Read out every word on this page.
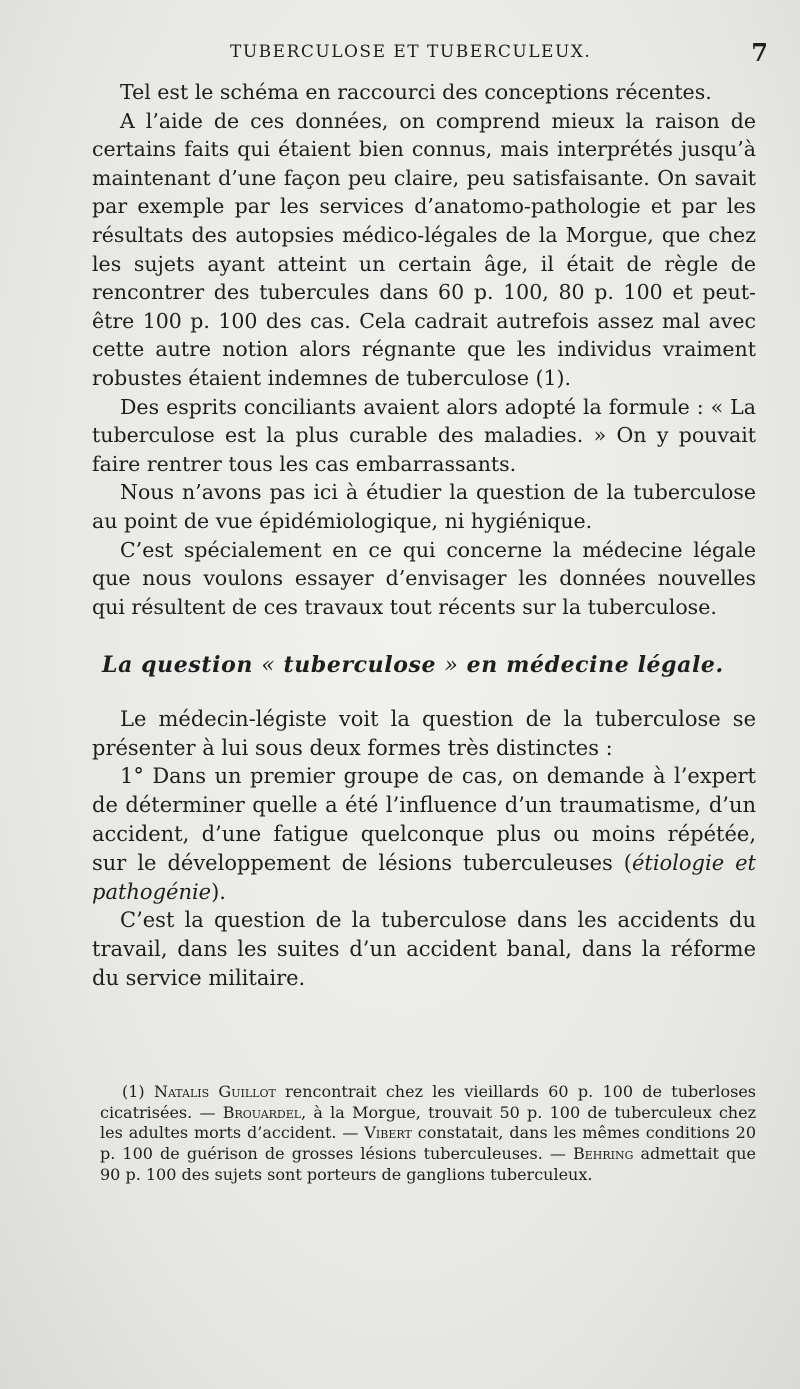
TUBERCULOSE ET TUBERCULEUX.	7

Tel est le schéma en raccourci des conceptions récentes.

A l’aide de ces données, on comprend mieux la raison de certains faits qui étaient bien connus, mais interprétés jusqu’à maintenant d’une façon peu claire, peu satisfaisante. On savait par exemple par les services d’anatomo-pathologie et par les résultats des autopsies médico-légales de la Morgue, que chez les sujets ayant atteint un certain âge, il était de règle de rencontrer des tubercules dans 60 p. 100, 80 p. 100 et peut-être 100 p. 100 des cas. Cela cadrait autrefois assez mal avec cette autre notion alors régnante que les individus vraiment robustes étaient indemnes de tuberculose (1).

Des esprits conciliants avaient alors adopté la formule : « La tuberculose est la plus curable des maladies. » On y pouvait faire rentrer tous les cas embarrassants.

Nous n’avons pas ici à étudier la question de la tuberculose au point de vue épidémiologique, ni hygiénique.

C’est spécialement en ce qui concerne la médecine légale que nous voulons essayer d’envisager les données nouvelles qui résultent de ces travaux tout récents sur la tuberculose.

La question « tuberculose » en médecine légale.

Le médecin-légiste voit la question de la tuberculose se présenter à lui sous deux formes très distinctes :

1° Dans un premier groupe de cas, on demande à l’expert de déterminer quelle a été l’influence d’un traumatisme, d’un accident, d’une fatigue quelconque plus ou moins répétée, sur le développement de lésions tuberculeuses (étiologie et pathogénie).

C’est la question de la tuberculose dans les accidents du travail, dans les suites d’un accident banal, dans la réforme du service militaire.

(1) Natalis Guillot rencontrait chez les vieillards 60 p. 100 de tuberloses cicatrisées. — Brouardel, à la Morgue, trouvait 50 p. 100 de tuberculeux chez les adultes morts d’accident. — Vibert constatait, dans les mêmes conditions 20 p. 100 de guérison de grosses lésions tuberculeuses. — Behring admettait que 90 p. 100 des sujets sont porteurs de ganglions tuberculeux.
